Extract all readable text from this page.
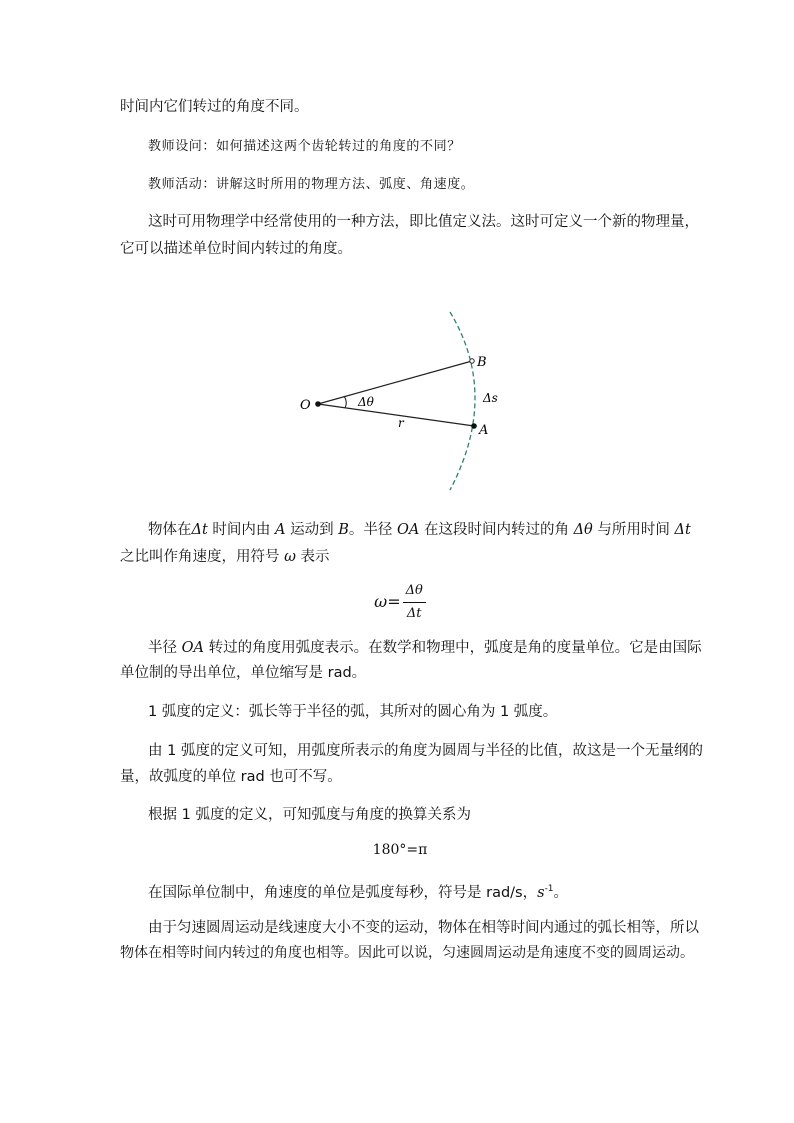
时间内它们转过的角度不同。
教师设问：如何描述这两个齿轮转过的角度的不同？
教师活动：讲解这时所用的物理方法、弧度、角速度。
这时可用物理学中经常使用的一种方法，即比值定义法。这时可定义一个新的物理量，
它可以描述单位时间内转过的角度。
O
B
A
r
Δθ	Δs
物体在Δt 时间内由 A 运动到 B。半径 OA 在这段时间内转过的角 Δθ 与所用时间 Δt
之比叫作角速度，用符号 ω 表示
$\omega= \frac{\Delta\theta}{\Delta t}$
半径 OA 转过的角度用弧度表示。在数学和物理中，弧度是角的度量单位。它是由国际
单位制的导出单位，单位缩写是 rad。
1 弧度的定义：弧长等于半径的弧，其所对的圆心角为 1 弧度。
由 1 弧度的定义可知，用弧度所表示的角度为圆周与半径的比值，故这是一个无量纲的
量，故弧度的单位 rad 也可不写。
根据 1 弧度的定义，可知弧度与角度的换算关系为
180°=π
在国际单位制中，角速度的单位是弧度每秒，符号是 rad/s，$s^{-1}$。
由于匀速圆周运动是线速度大小不变的运动，物体在相等时间内通过的弧长相等，所以
物体在相等时间内转过的角度也相等。因此可以说，匀速圆周运动是角速度不变的圆周运动。
